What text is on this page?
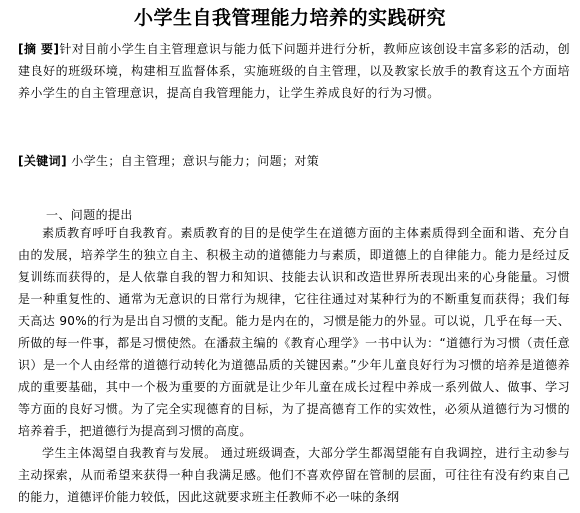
小学生自我管理能力培养的实践研究
[摘 要]针对目前小学生自主管理意识与能力低下问题并进行分析，教师应该创设丰富多彩的活动，创建良好的班级环境，构建相互监督体系，实施班级的自主管理，以及教家长放手的教育这五个方面培养小学生的自主管理意识，提高自我管理能力，让学生养成良好的行为习惯。
[关键词] 小学生；自主管理；意识与能力；问题；对策
一、问题的提出

素质教育呼吁自我教育。素质教育的目的是使学生在道德方面的主体素质得到全面和谐、充分自由的发展，培养学生的独立自主、积极主动的道德能力与素质，即道德上的自律能力。能力是经过反复训练而获得的，是人依靠自我的智力和知识、技能去认识和改造世界所表现出来的心身能量。习惯是一种重复性的、通常为无意识的日常行为规律，它往往通过对某种行为的不断重复而获得；我们每天高达 90%的行为是出自习惯的支配。能力是内在的，习惯是能力的外显。可以说，几乎在每一天、所做的每一件事，都是习惯使然。在潘菽主编的《教育心理学》一书中认为：“道德行为习惯（责任意识）是一个人由经常的道德行动转化为道德品质的关键因素。”少年儿童良好行为习惯的培养是道德养成的重要基础，其中一个极为重要的方面就是让少年儿童在成长过程中养成一系列做人、做事、学习等方面的良好习惯。为了完全实现德育的目标，为了提高德育工作的实效性，必须从道德行为习惯的培养着手，把道德行为提高到习惯的高度。

学生主体渴望自我教育与发展。 通过班级调查，大部分学生都渴望能有自我调控，进行主动参与主动探索，从而希望来获得一种自我满足感。他们不喜欢停留在管制的层面，可往往有没有约束自己的能力，道德评价能力较低，因此这就要求班主任教师不必一味的条纲
